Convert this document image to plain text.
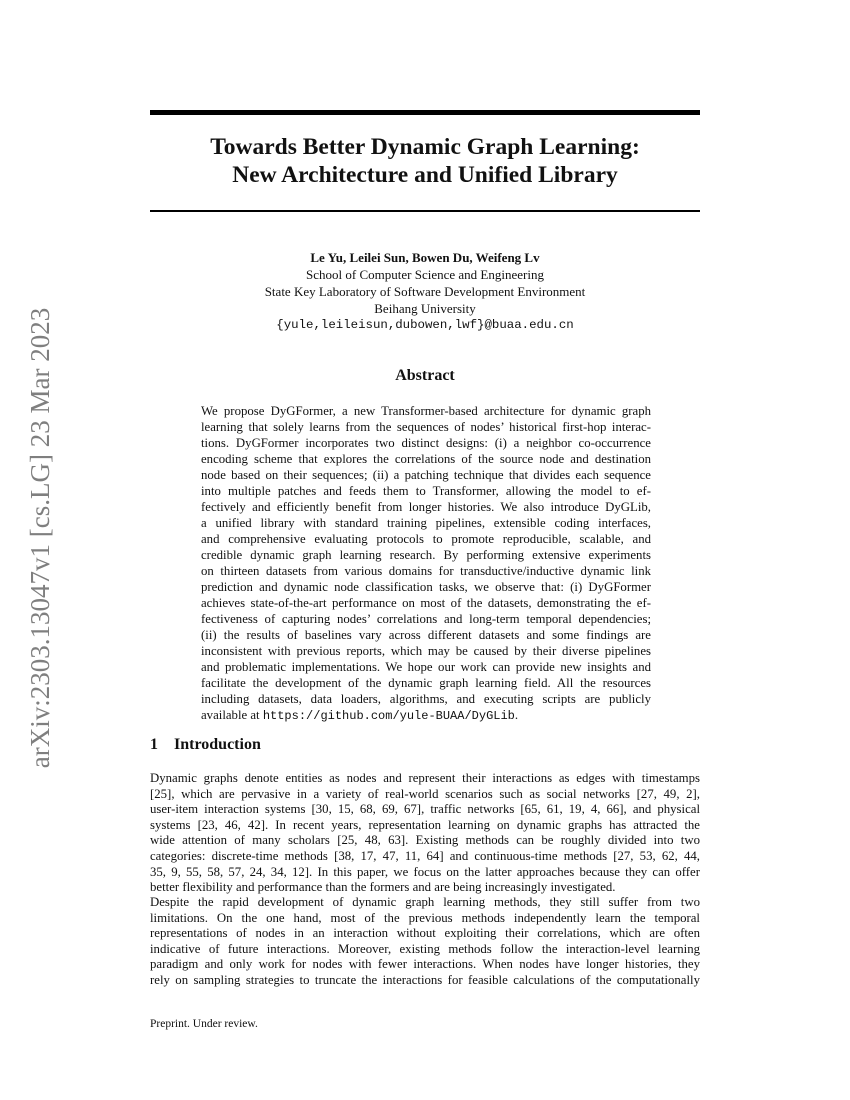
arXiv:2303.13047v1 [cs.LG] 23 Mar 2023
Towards Better Dynamic Graph Learning:
New Architecture and Unified Library
Le Yu, Leilei Sun, Bowen Du, Weifeng Lv
School of Computer Science and Engineering
State Key Laboratory of Software Development Environment
Beihang University
{yule,leileisun,dubowen,lwf}@buaa.edu.cn
Abstract
We propose DyGFormer, a new Transformer-based architecture for dynamic graph
learning that solely learns from the sequences of nodes’ historical first-hop interac-
tions. DyGFormer incorporates two distinct designs: (i) a neighbor co-occurrence
encoding scheme that explores the correlations of the source node and destination
node based on their sequences; (ii) a patching technique that divides each sequence
into multiple patches and feeds them to Transformer, allowing the model to ef-
fectively and efficiently benefit from longer histories. We also introduce DyGLib,
a unified library with standard training pipelines, extensible coding interfaces,
and comprehensive evaluating protocols to promote reproducible, scalable, and
credible dynamic graph learning research. By performing extensive experiments
on thirteen datasets from various domains for transductive/inductive dynamic link
prediction and dynamic node classification tasks, we observe that: (i) DyGFormer
achieves state-of-the-art performance on most of the datasets, demonstrating the ef-
fectiveness of capturing nodes’ correlations and long-term temporal dependencies;
(ii) the results of baselines vary across different datasets and some findings are
inconsistent with previous reports, which may be caused by their diverse pipelines
and problematic implementations. We hope our work can provide new insights and
facilitate the development of the dynamic graph learning field. All the resources
including datasets, data loaders, algorithms, and executing scripts are publicly
available at https://github.com/yule-BUAA/DyGLib.
1 Introduction
Dynamic graphs denote entities as nodes and represent their interactions as edges with timestamps
[25], which are pervasive in a variety of real-world scenarios such as social networks [27, 49, 2],
user-item interaction systems [30, 15, 68, 69, 67], traffic networks [65, 61, 19, 4, 66], and physical
systems [23, 46, 42]. In recent years, representation learning on dynamic graphs has attracted the
wide attention of many scholars [25, 48, 63]. Existing methods can be roughly divided into two
categories: discrete-time methods [38, 17, 47, 11, 64] and continuous-time methods [27, 53, 62, 44,
35, 9, 55, 58, 57, 24, 34, 12]. In this paper, we focus on the latter approaches because they can offer
better flexibility and performance than the formers and are being increasingly investigated.
Despite the rapid development of dynamic graph learning methods, they still suffer from two
limitations. On the one hand, most of the previous methods independently learn the temporal
representations of nodes in an interaction without exploiting their correlations, which are often
indicative of future interactions. Moreover, existing methods follow the interaction-level learning
paradigm and only work for nodes with fewer interactions. When nodes have longer histories, they
rely on sampling strategies to truncate the interactions for feasible calculations of the computationally
Preprint. Under review.
